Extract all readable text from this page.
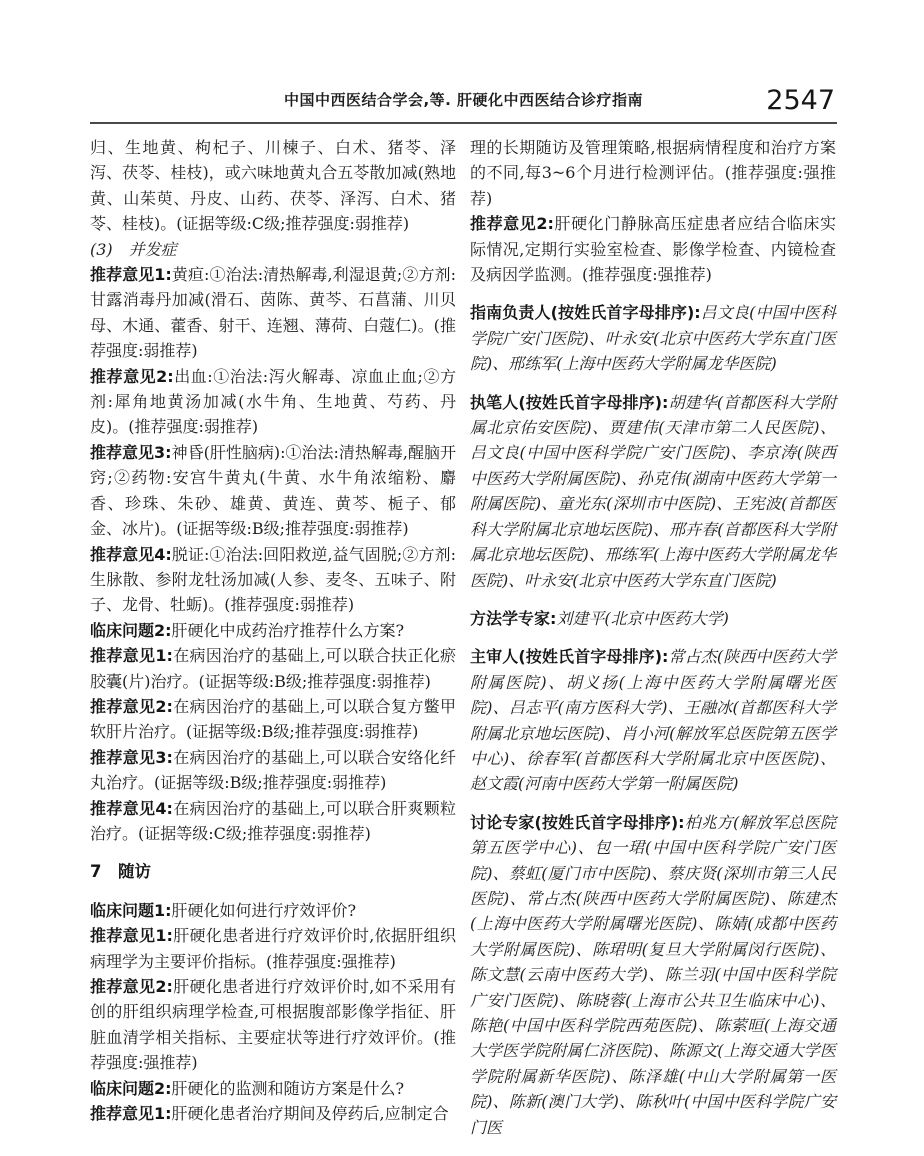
中国中西医结合学会,等. 肝硬化中西医结合诊疗指南	2547

归、生地黄、枸杞子、川楝子、白术、猪苓、泽泻、茯苓、桂枝)，或六味地黄丸合五苓散加减(熟地黄、山茱萸、丹皮、山药、茯苓、泽泻、白术、猪苓、桂枝)。(证据等级:C级;推荐强度:弱推荐)

(3)　并发症

推荐意见1:黄疸:①治法:清热解毒,利湿退黄;②方剂:甘露消毒丹加减(滑石、茵陈、黄芩、石菖蒲、川贝母、木通、藿香、射干、连翘、薄荷、白蔻仁)。(推荐强度:弱推荐)

推荐意见2:出血:①治法:泻火解毒、凉血止血;②方剂:犀角地黄汤加减(水牛角、生地黄、芍药、丹皮)。(推荐强度:弱推荐)

推荐意见3:神昏(肝性脑病):①治法:清热解毒,醒脑开窍;②药物:安宫牛黄丸(牛黄、水牛角浓缩粉、麝香、珍珠、朱砂、雄黄、黄连、黄芩、栀子、郁金、冰片)。(证据等级:B级;推荐强度:弱推荐)

推荐意见4:脱证:①治法:回阳救逆,益气固脱;②方剂:生脉散、参附龙牡汤加减(人参、麦冬、五味子、附子、龙骨、牡蛎)。(推荐强度:弱推荐)

临床问题2:肝硬化中成药治疗推荐什么方案?

推荐意见1:在病因治疗的基础上,可以联合扶正化瘀胶囊(片)治疗。(证据等级:B级;推荐强度:弱推荐)

推荐意见2:在病因治疗的基础上,可以联合复方鳖甲软肝片治疗。(证据等级:B级;推荐强度:弱推荐)

推荐意见3:在病因治疗的基础上,可以联合安络化纤丸治疗。(证据等级:B级;推荐强度:弱推荐)

推荐意见4:在病因治疗的基础上,可以联合肝爽颗粒治疗。(证据等级:C级;推荐强度:弱推荐)

7　随访

临床问题1:肝硬化如何进行疗效评价?

推荐意见1:肝硬化患者进行疗效评价时,依据肝组织病理学为主要评价指标。(推荐强度:强推荐)

推荐意见2:肝硬化患者进行疗效评价时,如不采用有创的肝组织病理学检查,可根据腹部影像学指征、肝脏血清学相关指标、主要症状等进行疗效评价。(推荐强度:强推荐)

临床问题2:肝硬化的监测和随访方案是什么?

推荐意见1:肝硬化患者治疗期间及停药后,应制定合

理的长期随访及管理策略,根据病情程度和治疗方案的不同,每3~6个月进行检测评估。(推荐强度:强推荐)

推荐意见2:肝硬化门静脉高压症患者应结合临床实际情况,定期行实验室检查、影像学检查、内镜检查及病因学监测。(推荐强度:强推荐)

指南负责人(按姓氏首字母排序):吕文良(中国中医科学院广安门医院)、叶永安(北京中医药大学东直门医院)、邢练军(上海中医药大学附属龙华医院)

执笔人(按姓氏首字母排序):胡建华(首都医科大学附属北京佑安医院)、贾建伟(天津市第二人民医院)、吕文良(中国中医科学院广安门医院)、李京涛(陕西中医药大学附属医院)、孙克伟(湖南中医药大学第一附属医院)、童光东(深圳市中医院)、王宪波(首都医科大学附属北京地坛医院)、邢卉春(首都医科大学附属北京地坛医院)、邢练军(上海中医药大学附属龙华医院)、叶永安(北京中医药大学东直门医院)

方法学专家:刘建平(北京中医药大学)

主审人(按姓氏首字母排序):常占杰(陕西中医药大学附属医院)、胡义扬(上海中医药大学附属曙光医院)、吕志平(南方医科大学)、王融冰(首都医科大学附属北京地坛医院)、肖小河(解放军总医院第五医学中心)、徐春军(首都医科大学附属北京中医医院)、赵文霞(河南中医药大学第一附属医院)

讨论专家(按姓氏首字母排序):柏兆方(解放军总医院第五医学中心)、包一珺(中国中医科学院广安门医院)、蔡虹(厦门市中医院)、蔡庆贤(深圳市第三人民医院)、常占杰(陕西中医药大学附属医院)、陈建杰(上海中医药大学附属曙光医院)、陈婧(成都中医药大学附属医院)、陈珺明(复旦大学附属闵行医院)、陈文慧(云南中医药大学)、陈兰羽(中国中医科学院广安门医院)、陈晓蓉(上海市公共卫生临床中心)、陈艳(中国中医科学院西苑医院)、陈萦晅(上海交通大学医学院附属仁济医院)、陈源文(上海交通大学医学院附属新华医院)、陈泽雄(中山大学附属第一医院)、陈新(澳门大学)、陈秋叶(中国中医科学院广安门医
